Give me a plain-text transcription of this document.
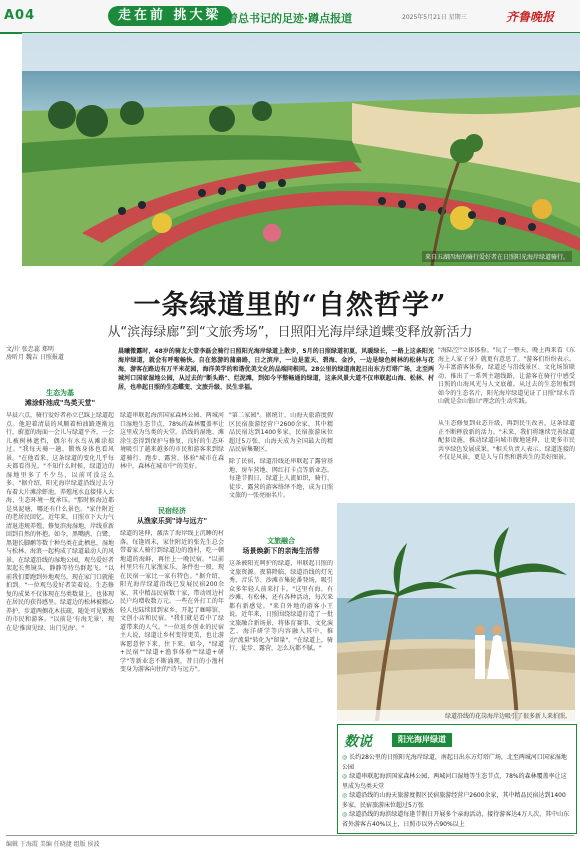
A04	走在前 挑大梁
沿着总书记的足迹·蹲点报道	2025年5月21日 星期三	齐鲁晚报
来自五湖四海的骑行爱好者在日照阳光海岸绿道骑行。
一条绿道里的“自然哲学”
从“滨海绿廊”到“文旅秀场”，日照阳光海岸绿道蝶变释放新活力
文/片 张忠蕊 郑明
房昕月 魏吉 日照报道
晨曦微露时，48岁的骑友大壹李磊会骑行日照阳光海岸绿道上散步，5月的日照绿道初夏，风暖绿长，一路上这条阳光海岸绿道，就会有呼啦畅快。自在悠游的蒲扇路，日之滨岸，一边是蓝天、碧海、金沙，一边是绿色树林的松林与花海，游客在路边有万平米花园，海洋美学的和谐优美文化的品端同根同。28公里的绿道南起日出东方灯塔广场，北至两城河口国家湿地公园，从过去的"断头路"、烂泥滩，到如今平整畅通的绿道，这条风景大道不仅串联起山海、松林、村居，也串起日照的生态蝶变、文旅升级、民生幸福。
生态为基
滩涂虾池成"鸟类天堂"
早晨六点，骑行爱好者孙立已踩上绿道起点。他迎着清晨的风顺着柏油路逐渐远行，蔚蓝的海面一会儿与绿道平齐，一会儿被树林遮挡，偶尔有水鸟从滩涂掠过。"我每天骑一趟，锻炼身体也看风景。"在他看来，这条绿道的变化几乎每天都看得见。"不知什么时候，绿道边的湿地里多了不少鸟，以前可没这么多。"据介绍，阳光海岸绿道沿线过去分布着大片滩涂虾池，养殖尾水直接排入大海，生态环境一度承压。"那时候海边都是臭泥塘，哪还有什么景色。"家住附近的老居民回忆。近年来，日照市下大力气清退违规养殖、修复滨海湿地，岸线重新回到自然的怀抱。如今，黑嘴鸥、白鹭、黑翅长脚鹬等数十种鸟类在此栖息，湿地与松林、海浪一起构成了绿道最动人的风景。在绿道沿线的湿地公园，观鸟爱好者架起长焦镜头，静静等待鸟群起飞。"以前我们要跑到外地观鸟，现在家门口就能拍到。"一位观鸟爱好者笑着说。生态修复的成果不仅体现在鸟类数量上，也体现在居民的获得感里。绿道边的松林被精心养护，步道两侧花木扶疏，随处可见锻炼的市民和游客。"以前是'有海无景'，现在是'推窗见绿、出门见海'。"
绿道串联起海滨国家森林公园、两城河口湿地生态节点，78%的森林覆盖率让这里成为鸟类的天堂。沿线的湿地、滩涂生态得到保护与修复，良好的生态环境吸引了越来越多的市民和游客来到绿道骑行、跑步、露营，体验"城市在森林中，森林在城市中"的美好。
民宿经济
从渔家乐到"诗与远方"
绿道的延伸，激活了海岸线上沉睡的村落。每逢周末，家住附近的张先生总会带着家人骑行到绿道边的渔村，吃一顿地道的海鲜，再住上一晚民宿。"以前村里只有几家渔家乐，条件也一般，现在民宿一家比一家有特色。"据介绍，阳光海岸绿道沿线已发展民宿200余家，其中精品民宿数十家，带动周边村民户均增收数万元。一些在外打工的年轻人也陆续回到家乡，开起了咖啡馆、文创小店和民宿。"我们就是看中了绿道带来的人气。"一位返乡创业的民宿主人说，绿道让乡村变得更美，也让游客愿意停下来、住下来。如今，"绿道+民宿""绿道+渔事体验""绿道+研学"等新业态不断涌现，昔日的小渔村变身为游客向往的"诗与远方"。
"第二家园"。据统计，山海天旅游度假区民宿旅游经营户2600余家，其中精品民宿达到1400多家，民宿旅游床位超过5万张，山海天成为全国最大的精品民宿集聚区。
除了民宿，绿道沿线还串联起了露营基地、房车营地、网红打卡点等新业态。每逢节假日，绿道上人流如织，骑行、徒步、露营的游客络绎不绝，成为日照文旅的一张亮丽名片。
文旅融合
场景焕新下的亲海生活带
这条被阳光呵护的绿道，串联起日照的文旅资源。夜幕降临，绿道沿线的灯光秀、音乐节、沙滩市集轮番登场，吸引众多年轻人前来打卡。"这里有海、有沙滩、有松林，还有各种活动，每次来都有新感觉。"来自外地的游客小王说。近年来，日照围绕绿道打造了一批文旅融合新场景，将体育赛事、文化演艺、海洋研学等内容融入其中，推动"流量"转化为"留量"。"在绿道上，骑行、徒步、露营，怎么玩都不腻。"
"海陆空"立体体验。"玩了一整天，晚上再来看《东海上人家子牙》就更有意思了。"游客们纷纷表示。为丰富游客体验，绿道还与沿线景区、文化场馆联动，推出了一系列主题线路，让游客在骑行中感受日照的山海风光与人文底蕴。从过去的生态短板到如今的生态名片，阳光海岸绿道见证了日照"绿水青山就是金山银山"理念的生动实践。
从生态修复到业态升级，再到民生改善，这条绿道正不断释放新的活力。"未来，我们将继续完善绿道配套设施，推动绿道向城市腹地延伸，让更多市民共享绿色发展成果。"相关负责人表示。绿道连接的不仅是风景，更是人与自然和谐共生的美好图景。
绿道沿线的花岗海岸边吸引了很多新人来拍照。
数说	阳光海岸绿道
◎ 长约28公里的日照阳光海岸绿道，南起日出东方灯塔广场，北至两城河口国家湿地公园
◎ 绿道串联起海滨国家森林公园、两城河口湿地等生态节点，78%的森林覆盖率让这里成为鸟类天堂
◎ 绿道沿线的山海天旅游度假区民宿旅游经营户2600余家，其中精品民宿达到1400多家，民宿旅游床位超过5万张
◎ 绿道沿线的海滨绿道每逢节假日开展多个亲海活动，接待游客达4万人次，其中山东省外游客占40%以上，日照市以外占90%以上
编辑 于海霞 美编 任晓捷 组版 侯波
